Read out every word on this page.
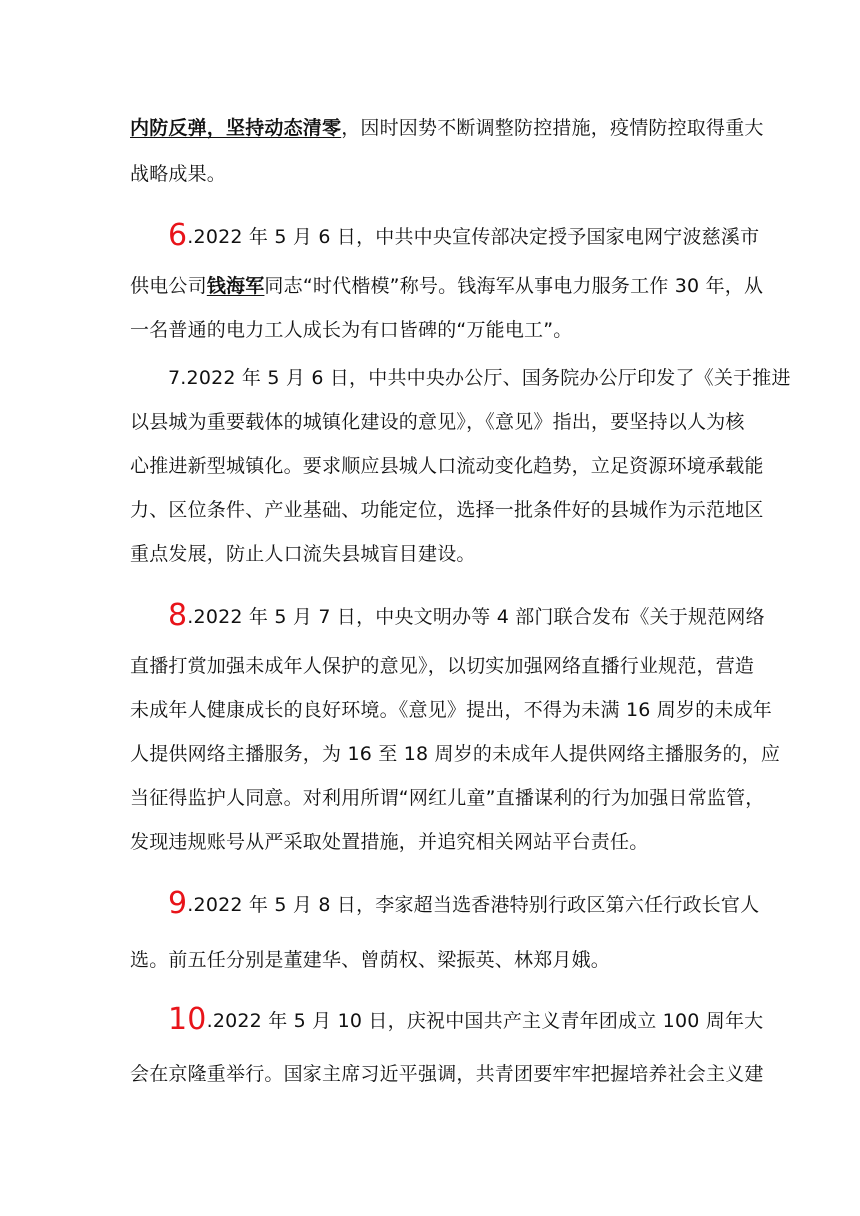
内防反弹，坚持动态清零，因时因势不断调整防控措施，疫情防控取得重大
战略成果。
6.2022 年 5 月 6 日，中共中央宣传部决定授予国家电网宁波慈溪市
供电公司钱海军同志“时代楷模”称号。钱海军从事电力服务工作 30 年，从
一名普通的电力工人成长为有口皆碑的“万能电工”。
7.2022 年 5 月 6 日，中共中央办公厅、国务院办公厅印发了《关于推进
以县城为重要载体的城镇化建设的意见》，《意见》指出，要坚持以人为核
心推进新型城镇化。要求顺应县城人口流动变化趋势，立足资源环境承载能
力、区位条件、产业基础、功能定位，选择一批条件好的县城作为示范地区
重点发展，防止人口流失县城盲目建设。
8.2022 年 5 月 7 日，中央文明办等 4 部门联合发布《关于规范网络
直播打赏加强未成年人保护的意见》，以切实加强网络直播行业规范，营造
未成年人健康成长的良好环境。《意见》提出，不得为未满 16 周岁的未成年
人提供网络主播服务，为 16 至 18 周岁的未成年人提供网络主播服务的，应
当征得监护人同意。对利用所谓“网红儿童”直播谋利的行为加强日常监管，
发现违规账号从严采取处置措施，并追究相关网站平台责任。
9.2022 年 5 月 8 日，李家超当选香港特别行政区第六任行政长官人
选。前五任分别是董建华、曾荫权、梁振英、林郑月娥。
10.2022 年 5 月 10 日，庆祝中国共产主义青年团成立 100 周年大
会在京隆重举行。国家主席习近平强调，共青团要牢牢把握培养社会主义建
